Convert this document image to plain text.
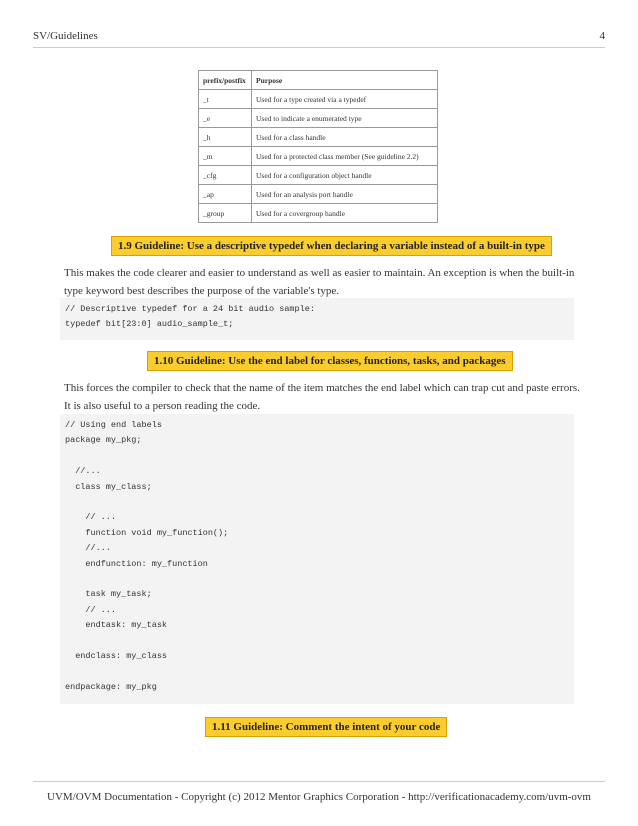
SV/Guidelines	4
prefix/postfix	Purpose
_t	Used for a type created via a typedef
_e	Used to indicate a enumerated type
_h	Used for a class handle
_m	Used for a protected class member (See guideline 2.2)
_cfg	Used for a configuration object handle
_ap	Used for an analysis port handle
_group	Used for a covergroup handle
1.9 Guideline: Use a descriptive typedef when declaring a variable instead of a built-in type
This makes the code clearer and easier to understand as well as easier to maintain. An exception is when the built-in type keyword best describes the purpose of the variable's type.
// Descriptive typedef for a 24 bit audio sample:
typedef bit[23:0] audio_sample_t;
1.10 Guideline: Use the end label for classes, functions, tasks, and packages
This forces the compiler to check that the name of the item matches the end label which can trap cut and paste errors. It is also useful to a person reading the code.
// Using end labels
package my_pkg;
//...
class my_class;
// ...
function void my_function();
//...
endfunction: my_function
task my_task;
// ...
endtask: my_task
endclass: my_class
endpackage: my_pkg
1.11 Guideline: Comment the intent of your code
UVM/OVM Documentation - Copyright (c) 2012 Mentor Graphics Corporation - http://verificationacademy.com/uvm-ovm
